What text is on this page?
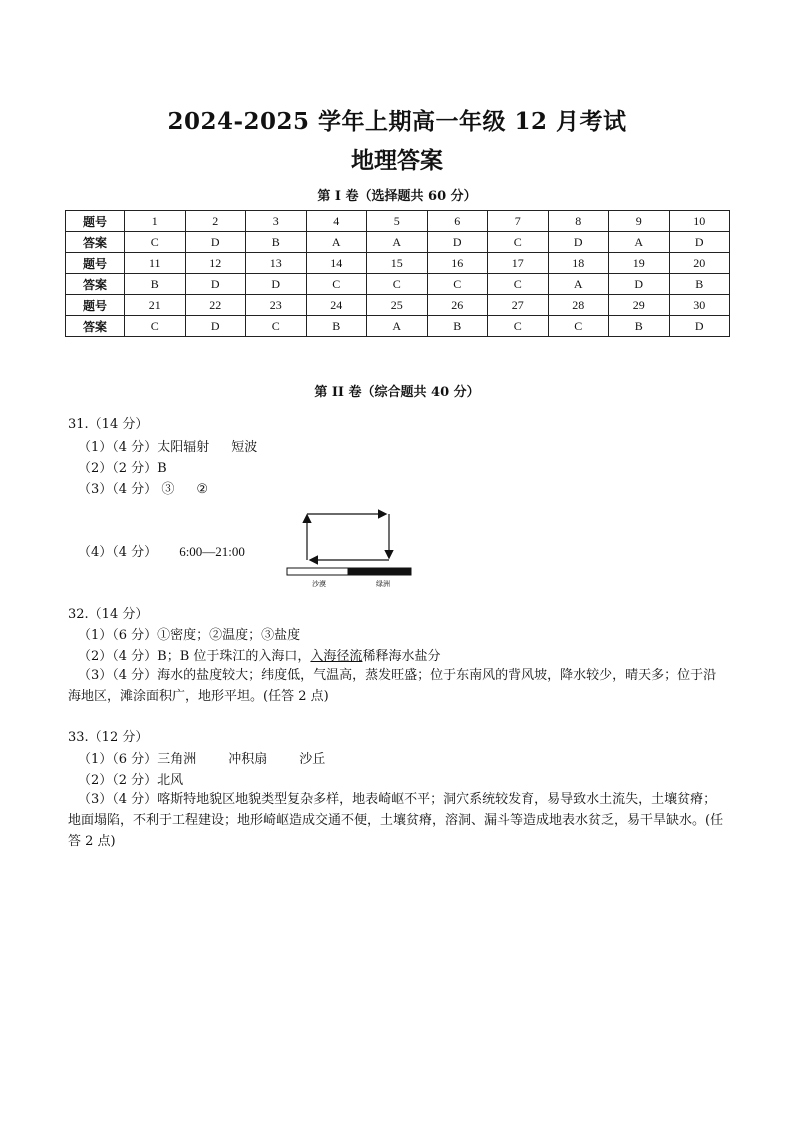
2024-2025 学年上期高一年级 12 月考试
地理答案
第 I 卷（选择题共 60 分）
题号	1	2	3	4	5	6	7	8	9	10
答案	C	D	B	A	A	D	C	D	A	D
题号	11	12	13	14	15	16	17	18	19	20
答案	B	D	D	C	C	C	C	A	D	B
题号	21	22	23	24	25	26	27	28	29	30
答案	C	D	C	B	A	B	C	C	B	D
第 II 卷（综合题共 40 分）
31.（14 分）
（1）（4 分）太阳辐射 短波
（2）（2 分）B
（3）（4 分） ③ ②
（4）（4 分） 6:00—21:00
沙漠	绿洲
32.（14 分）
（1）（6 分）①密度；②温度；③盐度
（2）（4 分）B；B 位于珠江的入海口，入海径流稀释海水盐分
（3）（4 分）海水的盐度较大；纬度低，气温高，蒸发旺盛；位于东南风的背风坡，降水较少，晴天多；位于沿海地区，滩涂面积广，地形平坦。(任答 2 点)
33.（12 分）
（1）（6 分）三角洲 冲积扇 沙丘
（2）（2 分）北风
（3）（4 分）喀斯特地貌区地貌类型复杂多样，地表崎岖不平；洞穴系统较发育，易导致水土流失，土壤贫瘠；地面塌陷，不利于工程建设；地形崎岖造成交通不便，土壤贫瘠，溶洞、漏斗等造成地表水贫乏，易干旱缺水。(任答 2 点)
